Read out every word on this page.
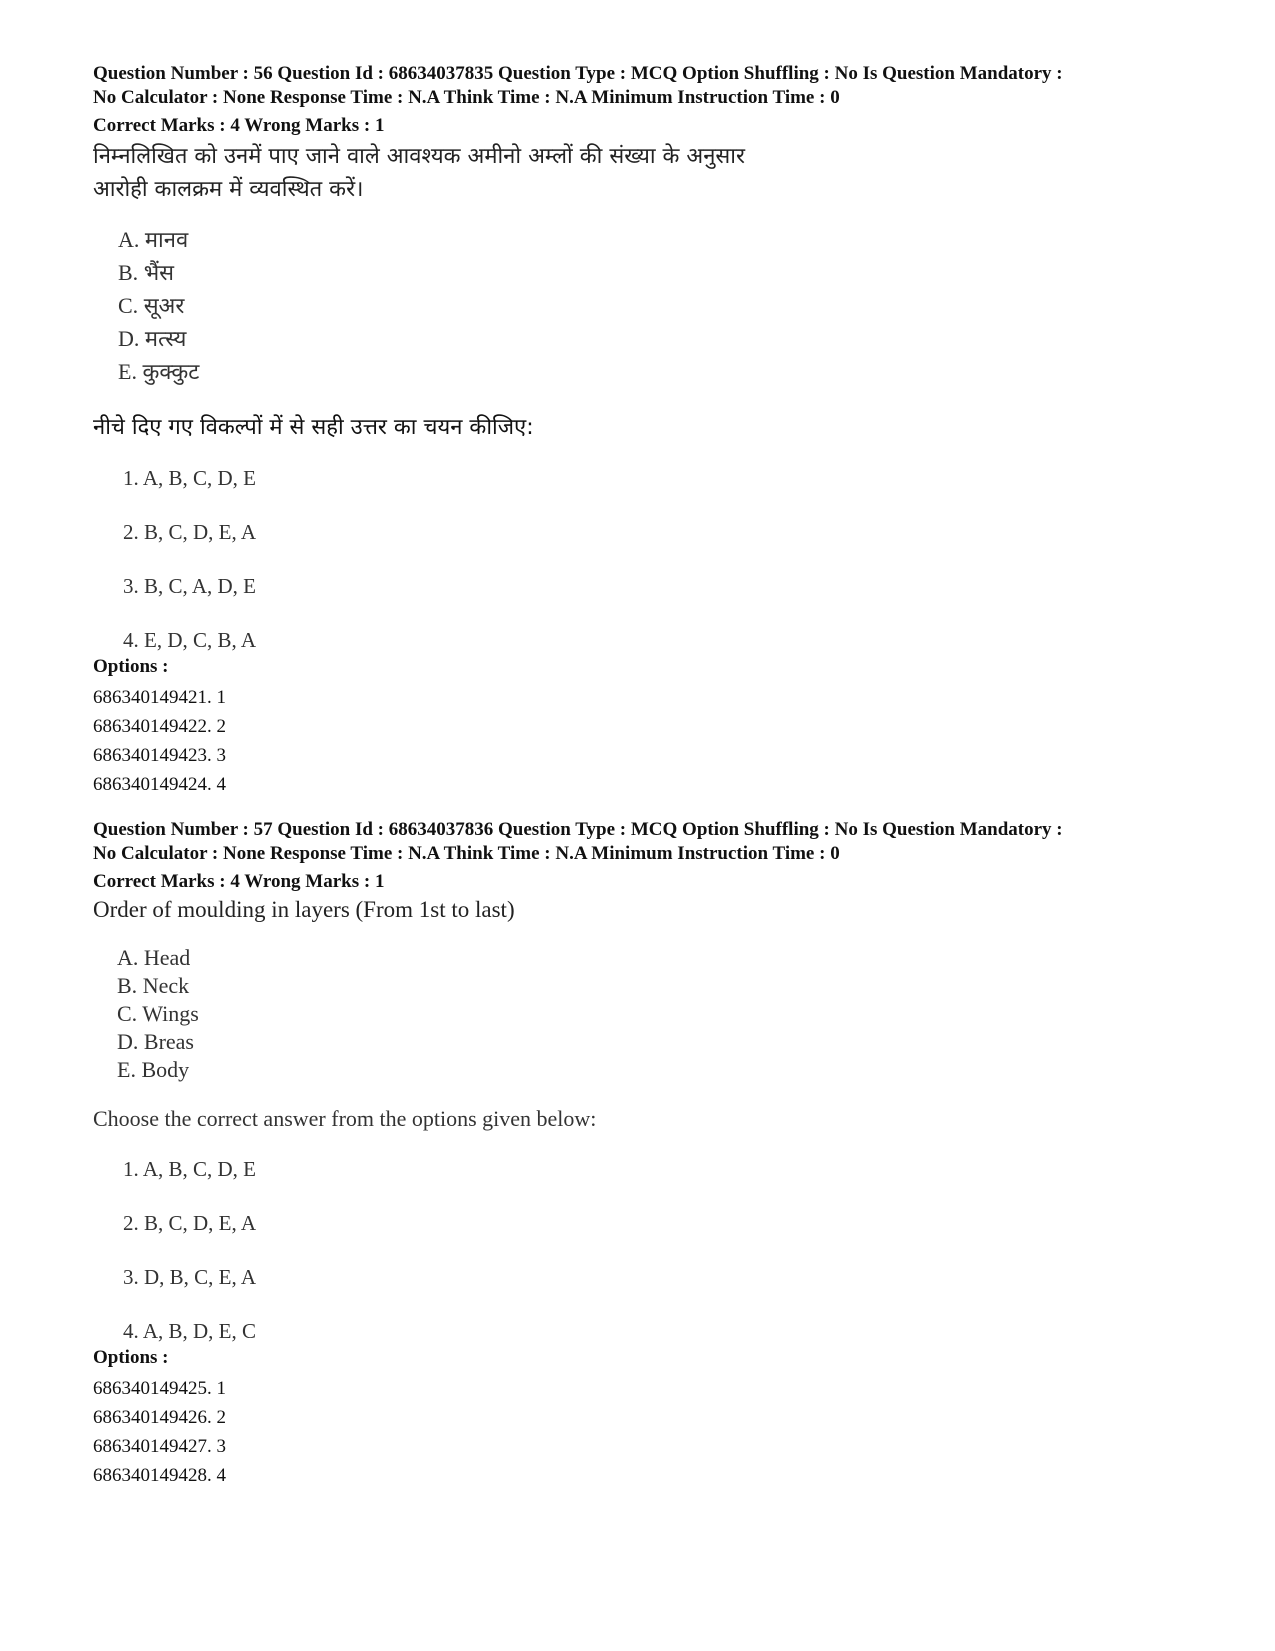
Question Number : 56 Question Id : 68634037835 Question Type : MCQ Option Shuffling : No Is Question Mandatory :
No Calculator : None Response Time : N.A Think Time : N.A Minimum Instruction Time : 0
Correct Marks : 4 Wrong Marks : 1
निम्नलिखित को उनमें पाए जाने वाले आवश्यक अमीनो अम्लों की संख्या के अनुसार
आरोही कालक्रम में व्यवस्थित करें।
A. मानव
B. भैंस
C. सूअर
D. मत्स्य
E. कुक्कुट
नीचे दिए गए विकल्पों में से सही उत्तर का चयन कीजिए:
1. A, B, C, D, E
2. B, C, D, E, A
3. B, C, A, D, E
4. E, D, C, B, A
Options :
686340149421. 1
686340149422. 2
686340149423. 3
686340149424. 4
Question Number : 57 Question Id : 68634037836 Question Type : MCQ Option Shuffling : No Is Question Mandatory :
No Calculator : None Response Time : N.A Think Time : N.A Minimum Instruction Time : 0
Correct Marks : 4 Wrong Marks : 1
Order of moulding in layers (From 1st to last)
A. Head
B. Neck
C. Wings
D. Breas
E. Body
Choose the correct answer from the options given below:
1. A, B, C, D, E
2. B, C, D, E, A
3. D, B, C, E, A
4. A, B, D, E, C
Options :
686340149425. 1
686340149426. 2
686340149427. 3
686340149428. 4
